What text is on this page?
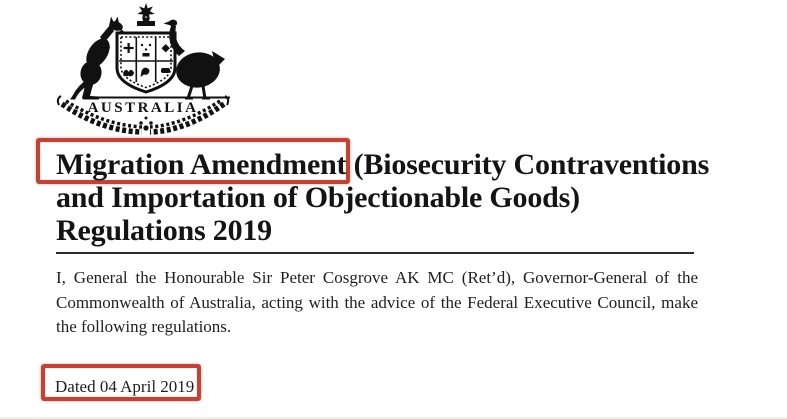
AUSTRALIA
Migration Amendment (Biosecurity Contraventions
and Importation of Objectionable Goods)
Regulations 2019

I, General the Honourable Sir Peter Cosgrove AK MC (Ret’d), Governor-General of the Commonwealth of Australia, acting with the advice of the Federal Executive Council, make the following regulations.

Dated 04 April 2019
